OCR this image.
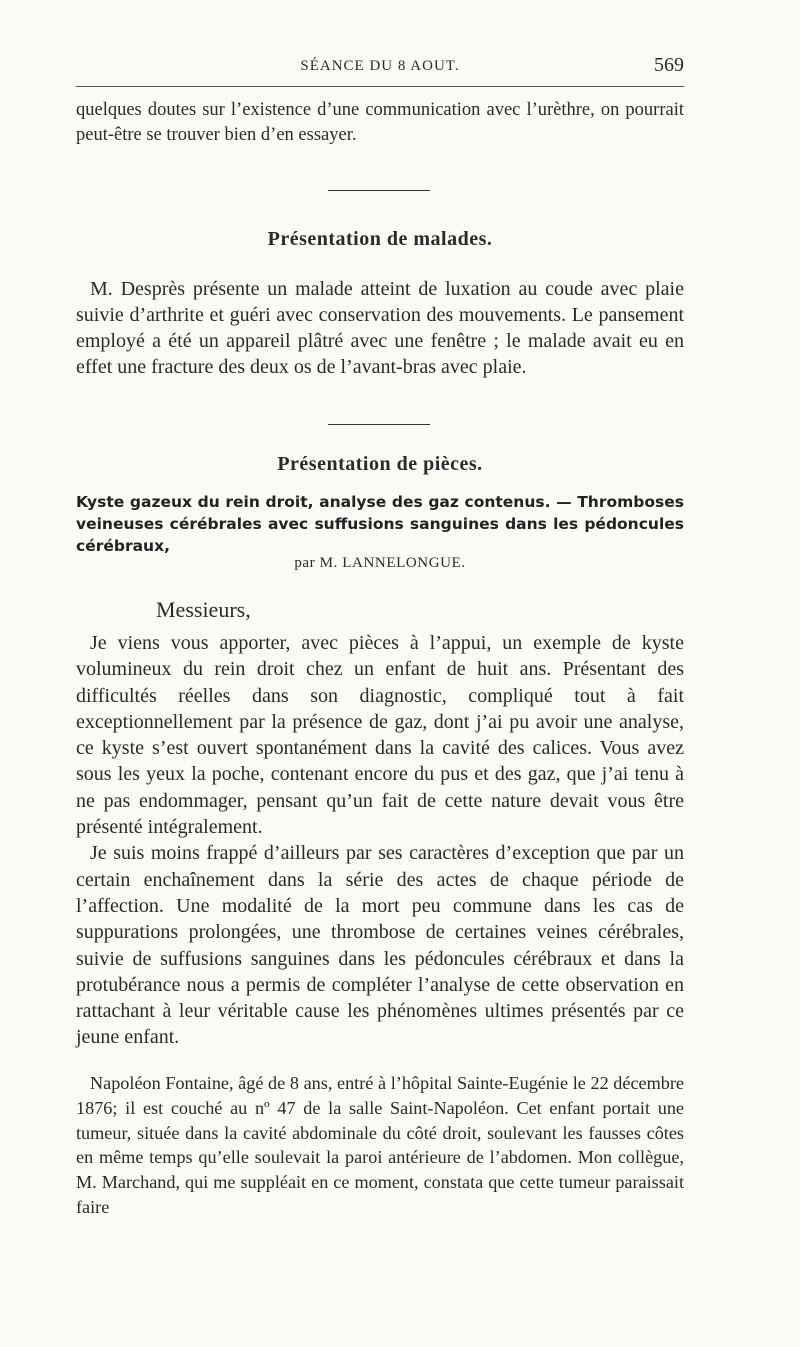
SÉANCE DU 8 AOUT.	569
quelques doutes sur l’existence d’une communication avec l’urèthre, on pourrait peut-être se trouver bien d’en essayer.
Présentation de malades.
M. Desprès présente un malade atteint de luxation au coude avec plaie suivie d’arthrite et guéri avec conservation des mouvements. Le pansement employé a été un appareil plâtré avec une fenêtre ; le malade avait eu en effet une fracture des deux os de l’avant-bras avec plaie.
Présentation de pièces.
Kyste gazeux du rein droit, analyse des gaz contenus. — Thromboses veineuses cérébrales avec suffusions sanguines dans les pédoncules cérébraux,
par M. LANNELONGUE.
Messieurs,
Je viens vous apporter, avec pièces à l’appui, un exemple de kyste volumineux du rein droit chez un enfant de huit ans. Présentant des difficultés réelles dans son diagnostic, compliqué tout à fait exceptionnellement par la présence de gaz, dont j’ai pu avoir une analyse, ce kyste s’est ouvert spontanément dans la cavité des calices. Vous avez sous les yeux la poche, contenant encore du pus et des gaz, que j’ai tenu à ne pas endommager, pensant qu’un fait de cette nature devait vous être présenté intégralement.
Je suis moins frappé d’ailleurs par ses caractères d’exception que par un certain enchaînement dans la série des actes de chaque période de l’affection. Une modalité de la mort peu commune dans les cas de suppurations prolongées, une thrombose de certaines veines cérébrales, suivie de suffusions sanguines dans les pédoncules cérébraux et dans la protubérance nous a permis de compléter l’analyse de cette observation en rattachant à leur véritable cause les phénomènes ultimes présentés par ce jeune enfant.
Napoléon Fontaine, âgé de 8 ans, entré à l’hôpital Sainte-Eugénie le 22 décembre 1876; il est couché au nº 47 de la salle Saint-Napoléon. Cet enfant portait une tumeur, située dans la cavité abdominale du côté droit, soulevant les fausses côtes en même temps qu’elle soulevait la paroi antérieure de l’abdomen. Mon collègue, M. Marchand, qui me suppléait en ce moment, constata que cette tumeur paraissait faire
